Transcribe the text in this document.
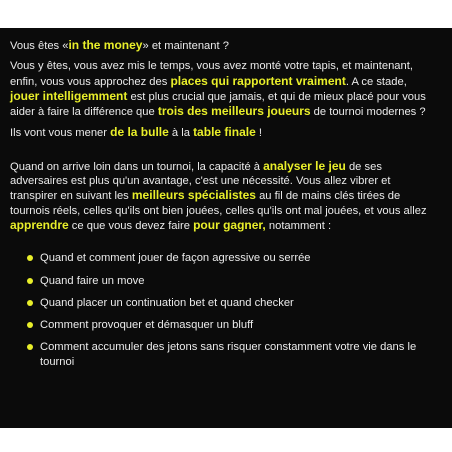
Vous êtes «in the money» et maintenant ?

Vous y êtes, vous avez mis le temps, vous avez monté votre tapis, et maintenant, enfin, vous vous approchez des places qui rapportent vraiment. A ce stade, jouer intelligemment est plus crucial que jamais, et qui de mieux placé pour vous aider à faire la différence que trois des meilleurs joueurs de tournoi modernes ?

Ils vont vous mener de la bulle à la table finale !

Quand on arrive loin dans un tournoi, la capacité à analyser le jeu de ses adversaires est plus qu'un avantage, c'est une nécessité. Vous allez vibrer et transpirer en suivant les meilleurs spécialistes au fil de mains clés tirées de tournois réels, celles qu'ils ont bien jouées, celles qu'ils ont mal jouées, et vous allez apprendre ce que vous devez faire pour gagner, notamment :

Quand et comment jouer de façon agressive ou serrée
Quand faire un move
Quand placer un continuation bet et quand checker
Comment provoquer et démasquer un bluff
Comment accumuler des jetons sans risquer constamment votre vie dans le tournoi
